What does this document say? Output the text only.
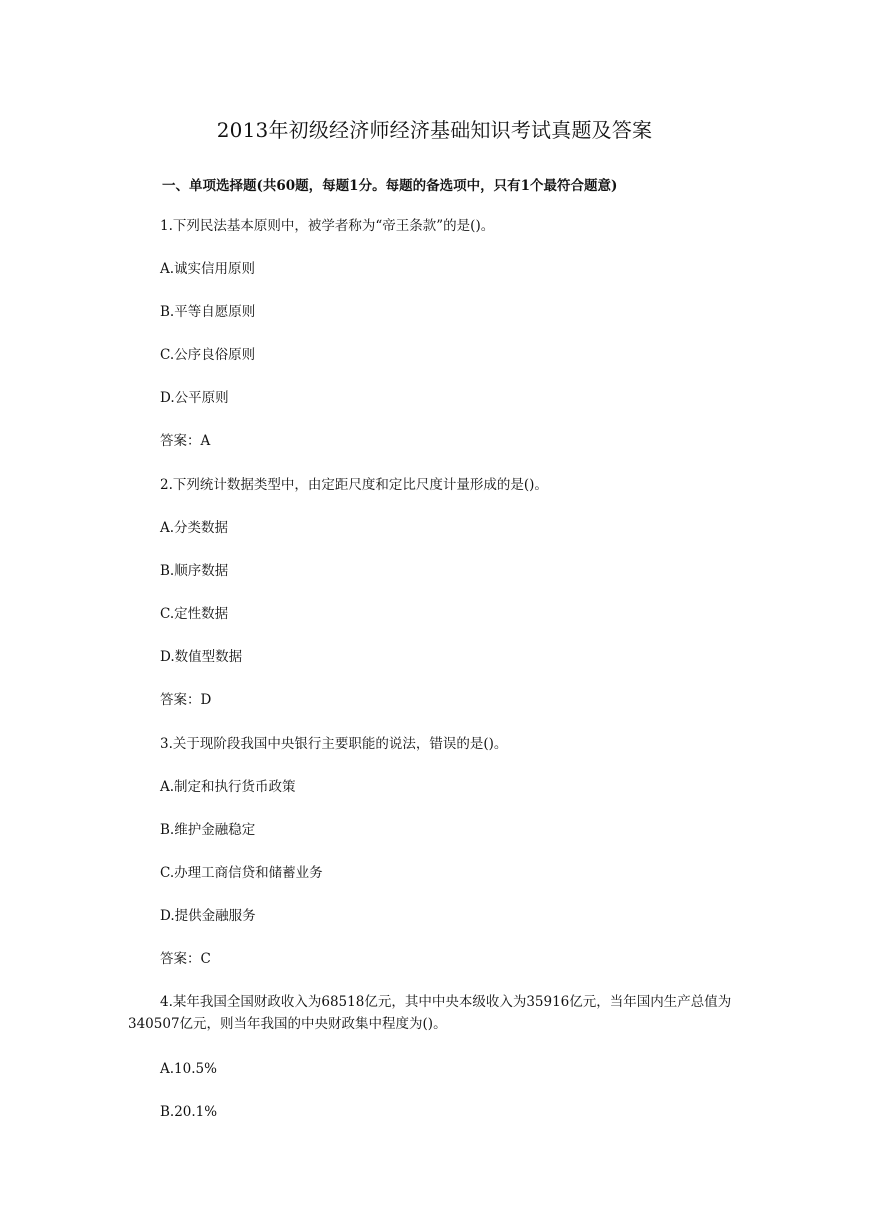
2013年初级经济师经济基础知识考试真题及答案

一、单项选择题(共60题，每题1分。每题的备选项中，只有1个最符合题意)

1.下列民法基本原则中，被学者称为“帝王条款”的是()。

A.诚实信用原则

B.平等自愿原则

C.公序良俗原则

D.公平原则

答案：A

2.下列统计数据类型中，由定距尺度和定比尺度计量形成的是()。

A.分类数据

B.顺序数据

C.定性数据

D.数值型数据

答案：D

3.关于现阶段我国中央银行主要职能的说法，错误的是()。

A.制定和执行货币政策

B.维护金融稳定

C.办理工商信贷和储蓄业务

D.提供金融服务

答案：C

4.某年我国全国财政收入为68518亿元，其中中央本级收入为35916亿元，当年国内生产总值为340507亿元，则当年我国的中央财政集中程度为()。

A.10.5%

B.20.1%
